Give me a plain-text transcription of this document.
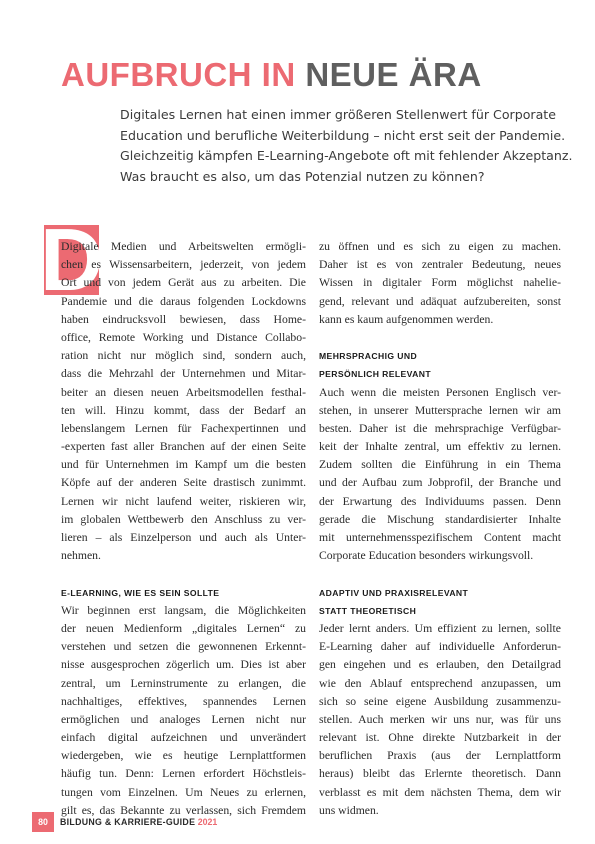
AUFBRUCH IN NEUE ÄRA

Digitales Lernen hat einen immer größeren Stellenwert für Corporate
Education und berufliche Weiterbildung – nicht erst seit der Pandemie.
Gleichzeitig kämpfen E-Learning-Angebote oft mit fehlender Akzeptanz.
Was braucht es also, um das Potenzial nutzen zu können?

D
Digitale Medien und Arbeitswelten ermögli-
chen es Wissensarbeitern, jederzeit, von jedem
Ort und von jedem Gerät aus zu arbeiten. Die
Pandemie und die daraus folgenden Lockdowns
haben eindrucksvoll bewiesen, dass Home-
office, Remote Working und Distance Collabo-
ration nicht nur möglich sind, sondern auch,
dass die Mehrzahl der Unternehmen und Mitar-
beiter an diesen neuen Arbeitsmodellen festhal-
ten will. Hinzu kommt, dass der Bedarf an
lebenslangem Lernen für Fachexpertinnen und
-experten fast aller Branchen auf der einen Seite
und für Unternehmen im Kampf um die besten
Köpfe auf der anderen Seite drastisch zunimmt.
Lernen wir nicht laufend weiter, riskieren wir,
im globalen Wettbewerb den Anschluss zu ver-
lieren – als Einzelperson und auch als Unter-
nehmen.
E-LEARNING, WIE ES SEIN SOLLTE
Wir beginnen erst langsam, die Möglichkeiten
der neuen Medienform „digitales Lernen“ zu
verstehen und setzen die gewonnenen Erkennt-
nisse ausgesprochen zögerlich um. Dies ist aber
zentral, um Lerninstrumente zu erlangen, die
nachhaltiges, effektives, spannendes Lernen
ermöglichen und analoges Lernen nicht nur
einfach digital aufzeichnen und unverändert
wiedergeben, wie es heutige Lernplattformen
häufig tun. Denn: Lernen erfordert Höchstleis-
tungen vom Einzelnen. Um Neues zu erlernen,
gilt es, das Bekannte zu verlassen, sich Fremdem
zu öffnen und es sich zu eigen zu machen.
Daher ist es von zentraler Bedeutung, neues
Wissen in digitaler Form möglichst nahelie-
gend, relevant und adäquat aufzubereiten, sonst
kann es kaum aufgenommen werden.
MEHRSPRACHIG UND
PERSÖNLICH RELEVANT
Auch wenn die meisten Personen Englisch ver-
stehen, in unserer Muttersprache lernen wir am
besten. Daher ist die mehrsprachige Verfügbar-
keit der Inhalte zentral, um effektiv zu lernen.
Zudem sollten die Einführung in ein Thema
und der Aufbau zum Jobprofil, der Branche und
der Erwartung des Individuums passen. Denn
gerade die Mischung standardisierter Inhalte
mit unternehmensspezifischem Content macht
Corporate Education besonders wirkungsvoll.
ADAPTIV UND PRAXISRELEVANT
STATT THEORETISCH
Jeder lernt anders. Um effizient zu lernen, sollte
E-Learning daher auf individuelle Anforderun-
gen eingehen und es erlauben, den Detailgrad
wie den Ablauf entsprechend anzupassen, um
sich so seine eigene Ausbildung zusammenzu-
stellen. Auch merken wir uns nur, was für uns
relevant ist. Ohne direkte Nutzbarkeit in der
beruflichen Praxis (aus der Lernplattform
heraus) bleibt das Erlernte theoretisch. Dann
verblasst es mit dem nächsten Thema, dem wir
uns widmen.
80 BILDUNG & KARRIERE-GUIDE 2021
